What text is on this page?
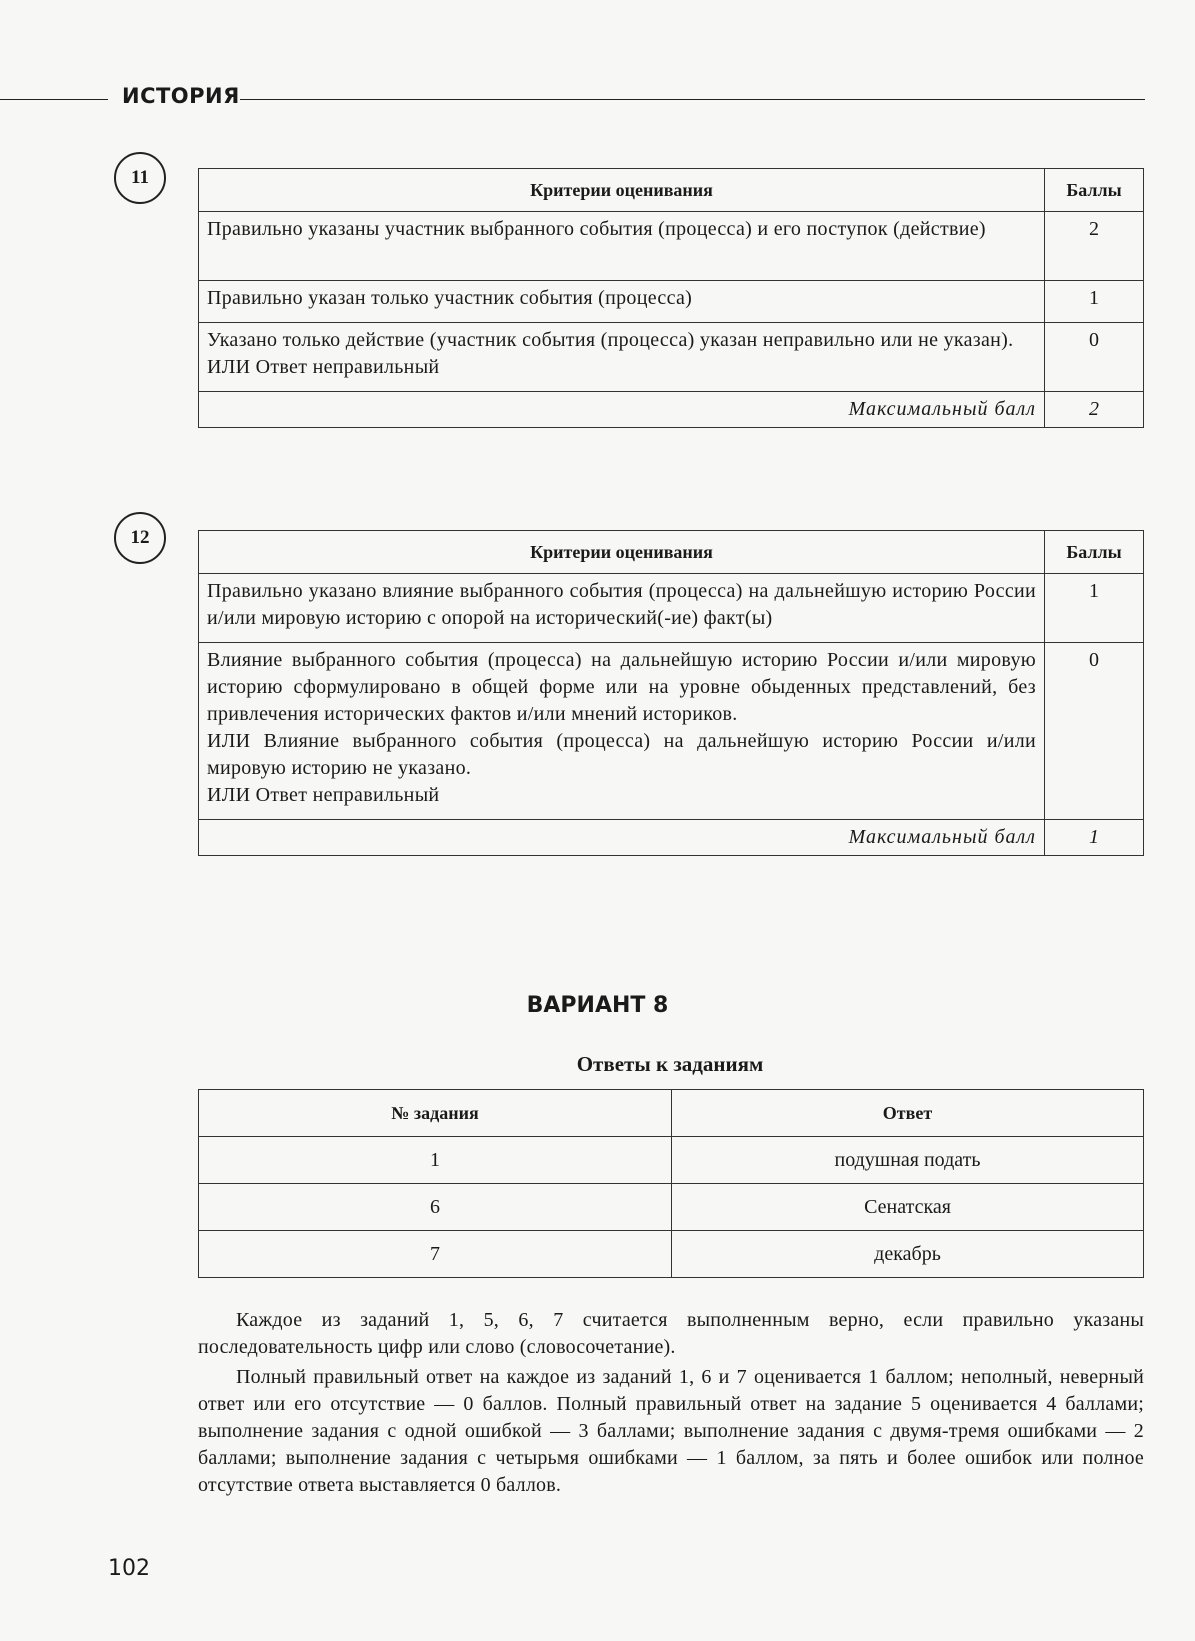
ИСТОРИЯ
11
Критерии оценивания	Баллы
Правильно указаны участник выбранного события (процесса) и его поступок (действие)	2
Правильно указан только участник события (процесса)	1
Указано только действие (участник события (процесса) указан неправильно или не указан).
ИЛИ Ответ неправильный	0
Максимальный балл	2
12
Критерии оценивания	Баллы
Правильно указано влияние выбранного события (процесса) на дальнейшую историю России и/или мировую историю с опорой на исторический(-ие) факт(ы)	1
Влияние выбранного события (процесса) на дальнейшую историю России и/или мировую историю сформулировано в общей форме или на уровне обыденных представлений, без привлечения исторических фактов и/или мнений историков.
ИЛИ Влияние выбранного события (процесса) на дальнейшую историю России и/или мировую историю не указано.
ИЛИ Ответ неправильный	0
Максимальный балл	1
ВАРИАНТ 8
Ответы к заданиям
№ задания	Ответ
1	подушная подать
6	Сенатская
7	декабрь
Каждое из заданий 1, 5, 6, 7 считается выполненным верно, если правильно указаны последовательность цифр или слово (словосочетание).
Полный правильный ответ на каждое из заданий 1, 6 и 7 оценивается 1 баллом; неполный, неверный ответ или его отсутствие — 0 баллов. Полный правильный ответ на задание 5 оценивается 4 баллами; выполнение задания с одной ошибкой — 3 баллами; выполнение задания с двумя-тремя ошибками — 2 баллами; выполнение задания с четырьмя ошибками — 1 баллом, за пять и более ошибок или полное отсутствие ответа выставляется 0 баллов.
102
